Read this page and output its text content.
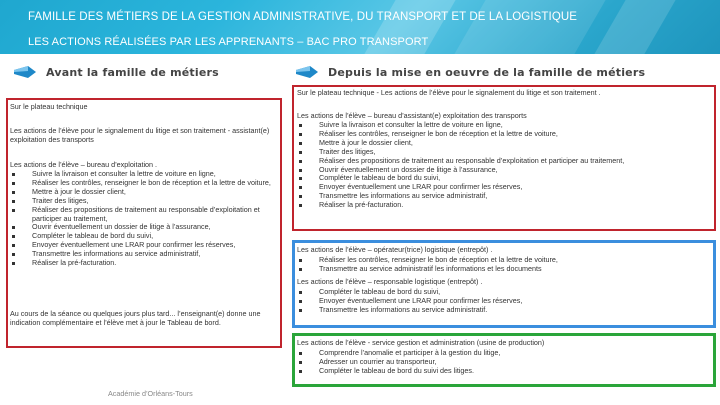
FAMILLE DES MÉTIERS DE LA GESTION ADMINISTRATIVE, DU TRANSPORT ET DE LA LOGISTIQUE
LES ACTIONS RÉALISÉES PAR LES APPRENANTS – BAC PRO TRANSPORT
Avant la famille de métiers	Depuis la mise en oeuvre de la famille de métiers
Sur le plateau technique
Les actions de l’élève pour le signalement du litige et son traitement - assistant(e) exploitation des transports
Les actions de l’élève – bureau d’exploitation .
Suivre la livraison et consulter la lettre de voiture en ligne,
Réaliser les contrôles, renseigner le bon de réception et la lettre de voiture,
Mettre à jour le dossier client,
Traiter des litiges,
Réaliser des propositions de traitement au responsable d’exploitation et participer au traitement,
Ouvrir éventuellement un dossier de litige à l’assurance,
Compléter le tableau de bord du suivi,
Envoyer éventuellement une LRAR pour confirmer les réserves,
Transmettre les informations au service administratif,
Réaliser la pré-facturation.
Au cours de la séance ou quelques jours plus tard... l’enseignant(e) donne une indication complémentaire et l’élève met à jour le Tableau de bord.
Sur le plateau technique - Les actions de l’élève pour le signalement du litige et son traitement .
Les actions de l’élève – bureau d’assistant(e) exploitation des transports
Suivre la livraison et consulter la lettre de voiture en ligne,
Réaliser les contrôles, renseigner le bon de réception et la lettre de voiture,
Mettre à jour le dossier client,
Traiter des litiges,
Réaliser des propositions de traitement au responsable d’exploitation et participer au traitement,
Ouvrir éventuellement un dossier de litige à l’assurance,
Compléter le tableau de bord du suivi,
Envoyer éventuellement une LRAR pour confirmer les réserves,
Transmettre les informations au service administratif,
Réaliser la pré-facturation.
Les actions de l’élève – opérateur(trice) logistique (entrepôt) .
Réaliser les contrôles, renseigner le bon de réception et la lettre de voiture,
Transmettre au service administratif les informations et les documents
Les actions de l’élève – responsable logistique (entrepôt) .
Compléter le tableau de bord du suivi,
Envoyer éventuellement une LRAR pour confirmer les réserves,
Transmettre les informations au service administratif.
Les actions de l’élève - service gestion et administration (usine de production)
Comprendre l’anomalie et participer à la gestion du litige,
Adresser un courrier au transporteur,
Compléter le tableau de bord du suivi des litiges.
Académie d’Orléans-Tours
